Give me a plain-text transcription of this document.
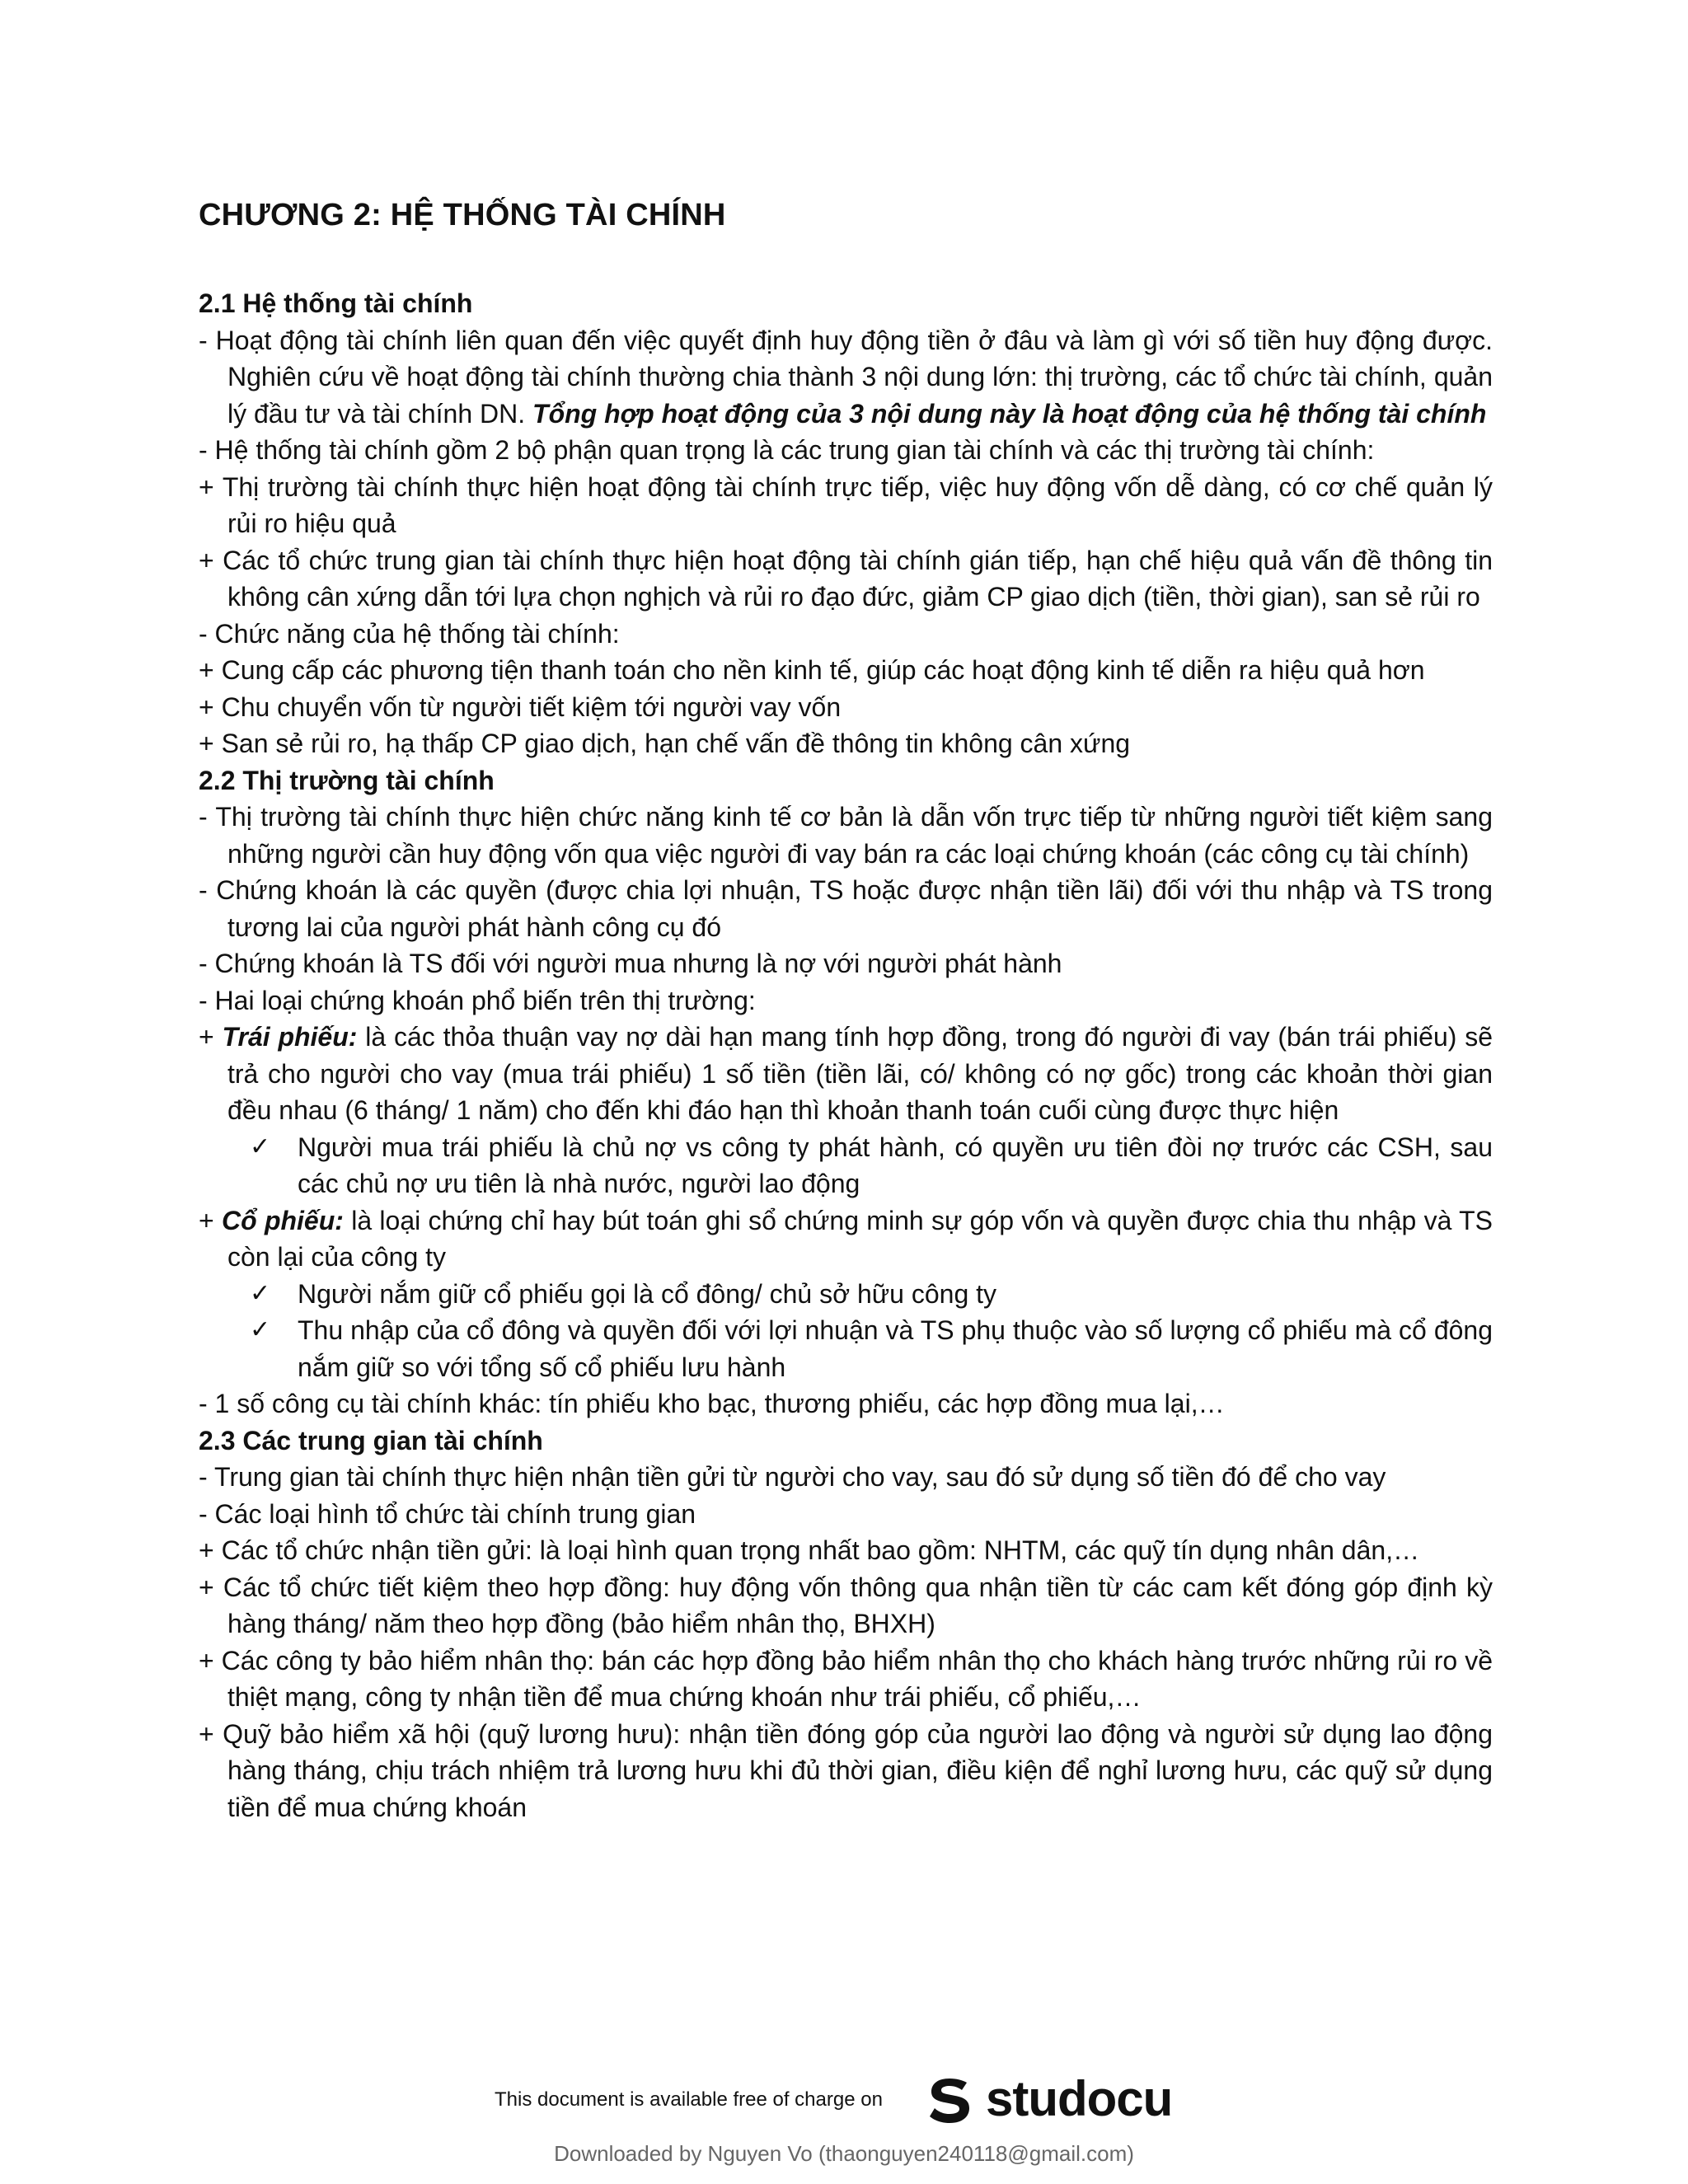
CHƯƠNG 2: HỆ THỐNG TÀI CHÍNH
2.1 Hệ thống tài chính
- Hoạt động tài chính liên quan đến việc quyết định huy động tiền ở đâu và làm gì với số tiền huy động được. Nghiên cứu về hoạt động tài chính thường chia thành 3 nội dung lớn: thị trường, các tổ chức tài chính, quản lý đầu tư và tài chính DN. Tổng hợp hoạt động của 3 nội dung này là hoạt động của hệ thống tài chính
- Hệ thống tài chính gồm 2 bộ phận quan trọng là các trung gian tài chính và các thị trường tài chính:
+ Thị trường tài chính thực hiện hoạt động tài chính trực tiếp, việc huy động vốn dễ dàng, có cơ chế quản lý rủi ro hiệu quả
+ Các tổ chức trung gian tài chính thực hiện hoạt động tài chính gián tiếp, hạn chế hiệu quả vấn đề thông tin không cân xứng dẫn tới lựa chọn nghịch và rủi ro đạo đức, giảm CP giao dịch (tiền, thời gian), san sẻ rủi ro
- Chức năng của hệ thống tài chính:
+ Cung cấp các phương tiện thanh toán cho nền kinh tế, giúp các hoạt động kinh tế diễn ra hiệu quả hơn
+ Chu chuyển vốn từ người tiết kiệm tới người vay vốn
+ San sẻ rủi ro, hạ thấp CP giao dịch, hạn chế vấn đề thông tin không cân xứng
2.2 Thị trường tài chính
- Thị trường tài chính thực hiện chức năng kinh tế cơ bản là dẫn vốn trực tiếp từ những người tiết kiệm sang những người cần huy động vốn qua việc người đi vay bán ra các loại chứng khoán (các công cụ tài chính)
- Chứng khoán là các quyền (được chia lợi nhuận, TS hoặc được nhận tiền lãi) đối với thu nhập và TS trong tương lai của người phát hành công cụ đó
- Chứng khoán là TS đối với người mua nhưng là nợ với người phát hành
- Hai loại chứng khoán phổ biến trên thị trường:
+ Trái phiếu: là các thỏa thuận vay nợ dài hạn mang tính hợp đồng, trong đó người đi vay (bán trái phiếu) sẽ trả cho người cho vay (mua trái phiếu) 1 số tiền (tiền lãi, có/ không có nợ gốc) trong các khoản thời gian đều nhau (6 tháng/ 1 năm) cho đến khi đáo hạn thì khoản thanh toán cuối cùng được thực hiện
✓ Người mua trái phiếu là chủ nợ vs công ty phát hành, có quyền ưu tiên đòi nợ trước các CSH, sau các chủ nợ ưu tiên là nhà nước, người lao động
+ Cổ phiếu: là loại chứng chỉ hay bút toán ghi sổ chứng minh sự góp vốn và quyền được chia thu nhập và TS còn lại của công ty
✓ Người nắm giữ cổ phiếu gọi là cổ đông/ chủ sở hữu công ty
✓ Thu nhập của cổ đông và quyền đối với lợi nhuận và TS phụ thuộc vào số lượng cổ phiếu mà cổ đông nắm giữ so với tổng số cổ phiếu lưu hành
- 1 số công cụ tài chính khác: tín phiếu kho bạc, thương phiếu, các hợp đồng mua lại,…
2.3 Các trung gian tài chính
- Trung gian tài chính thực hiện nhận tiền gửi từ người cho vay, sau đó sử dụng số tiền đó để cho vay
- Các loại hình tổ chức tài chính trung gian
+ Các tổ chức nhận tiền gửi: là loại hình quan trọng nhất bao gồm: NHTM, các quỹ tín dụng nhân dân,…
+ Các tổ chức tiết kiệm theo hợp đồng: huy động vốn thông qua nhận tiền từ các cam kết đóng góp định kỳ hàng tháng/ năm theo hợp đồng (bảo hiểm nhân thọ, BHXH)
+ Các công ty bảo hiểm nhân thọ: bán các hợp đồng bảo hiểm nhân thọ cho khách hàng trước những rủi ro về thiệt mạng, công ty nhận tiền để mua chứng khoán như trái phiếu, cổ phiếu,…
+ Quỹ bảo hiểm xã hội (quỹ lương hưu): nhận tiền đóng góp của người lao động và người sử dụng lao động hàng tháng, chịu trách nhiệm trả lương hưu khi đủ thời gian, điều kiện để nghỉ lương hưu, các quỹ sử dụng tiền để mua chứng khoán
This document is available free of charge on studocu
Downloaded by Nguyen Vo (thaonguyen240118@gmail.com)
